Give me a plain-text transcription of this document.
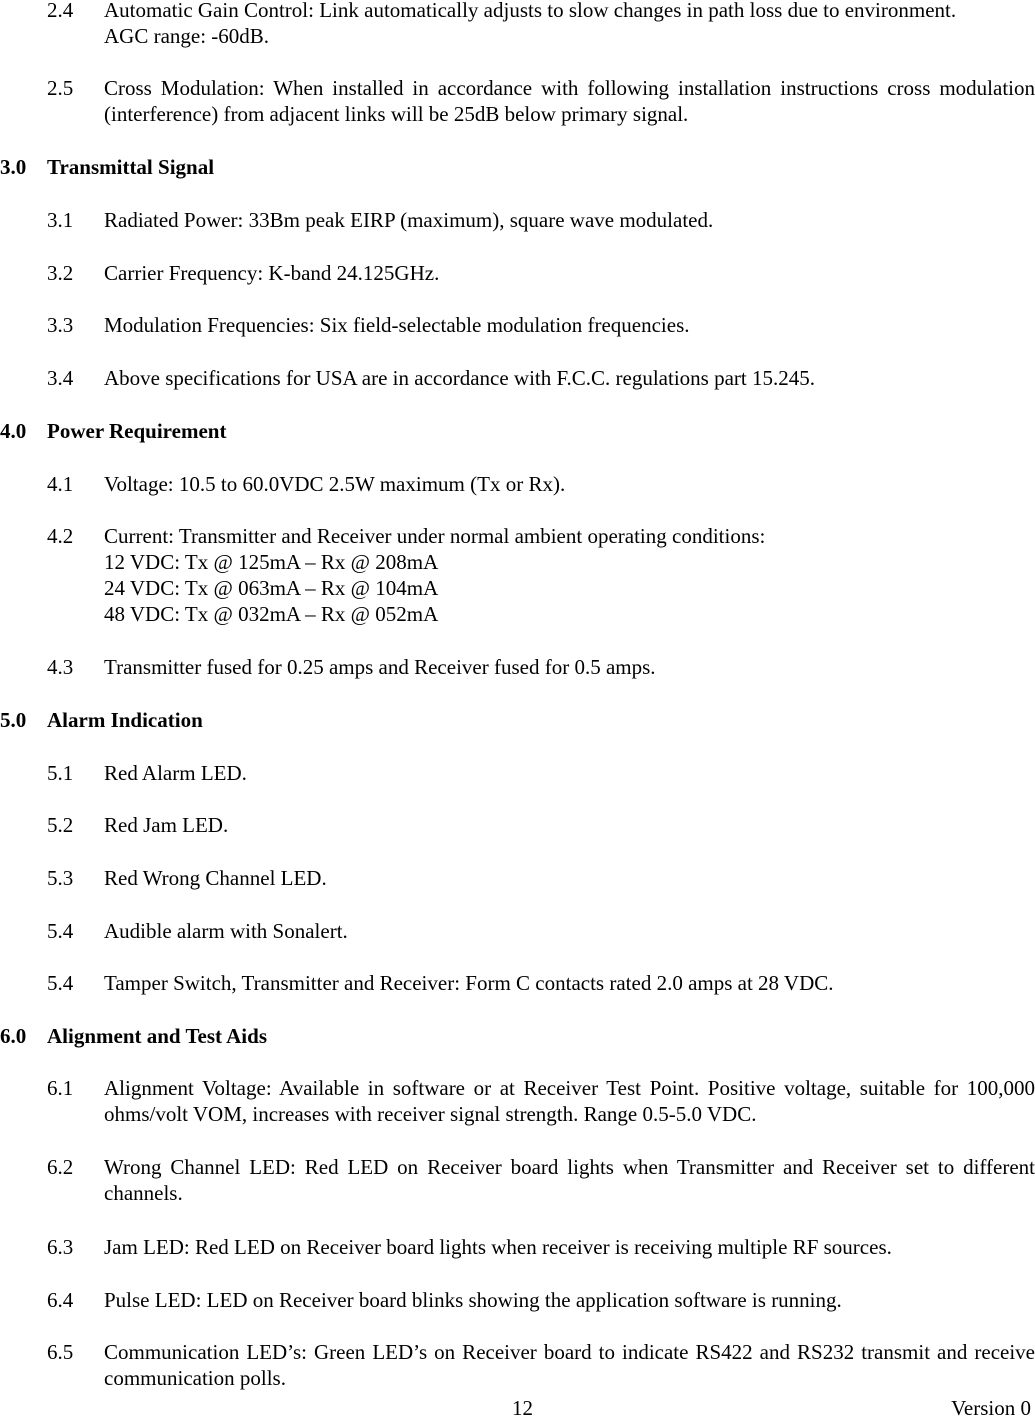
2.4 Automatic Gain Control: Link automatically adjusts to slow changes in path loss due to environment.
AGC range: -60dB.
2.5 Cross Modulation: When installed in accordance with following installation instructions cross modulation (interference) from adjacent links will be 25dB below primary signal.
3.0 Transmittal Signal
3.1 Radiated Power: 33Bm peak EIRP (maximum), square wave modulated.
3.2 Carrier Frequency: K-band 24.125GHz.
3.3 Modulation Frequencies: Six field-selectable modulation frequencies.
3.4 Above specifications for USA are in accordance with F.C.C. regulations part 15.245.
4.0 Power Requirement
4.1 Voltage: 10.5 to 60.0VDC 2.5W maximum (Tx or Rx).
4.2 Current: Transmitter and Receiver under normal ambient operating conditions:
12 VDC: Tx @ 125mA – Rx @ 208mA
24 VDC: Tx @ 063mA – Rx @ 104mA
48 VDC: Tx @ 032mA – Rx @ 052mA
4.3 Transmitter fused for 0.25 amps and Receiver fused for 0.5 amps.
5.0 Alarm Indication
5.1 Red Alarm LED.
5.2 Red Jam LED.
5.3 Red Wrong Channel LED.
5.4 Audible alarm with Sonalert.
5.4 Tamper Switch, Transmitter and Receiver: Form C contacts rated 2.0 amps at 28 VDC.
6.0 Alignment and Test Aids
6.1 Alignment Voltage: Available in software or at Receiver Test Point. Positive voltage, suitable for 100,000 ohms/volt VOM, increases with receiver signal strength. Range 0.5-5.0 VDC.
6.2 Wrong Channel LED: Red LED on Receiver board lights when Transmitter and Receiver set to different channels.
6.3 Jam LED: Red LED on Receiver board lights when receiver is receiving multiple RF sources.
6.4 Pulse LED: LED on Receiver board blinks showing the application software is running.
6.5 Communication LED’s: Green LED’s on Receiver board to indicate RS422 and RS232 transmit and receive communication polls.
12	Version 0
